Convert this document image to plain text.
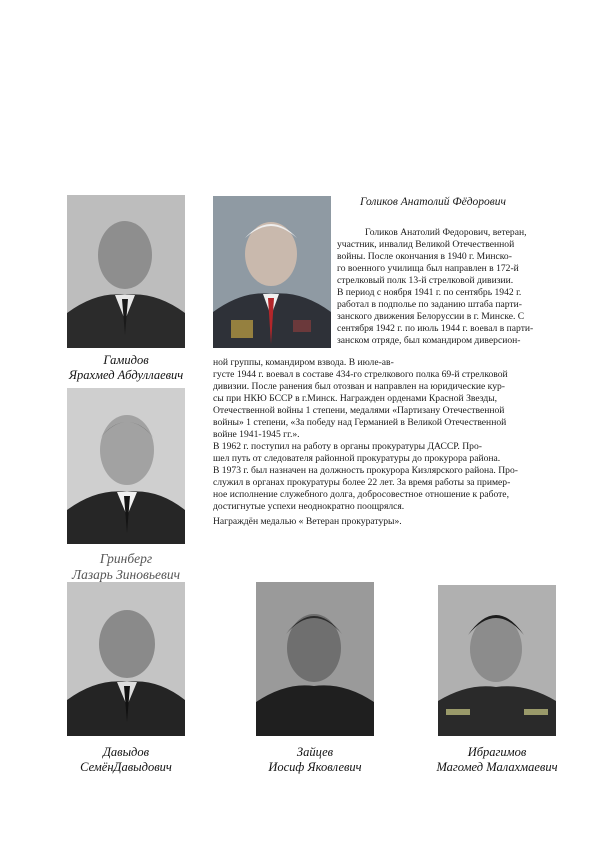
Гамидов
Ярахмед Абдуллаевич
Гринберг
Лазарь Зиновьевич
Давыдов
СемёнДавыдович
Зайцев
Иосиф Яковлевич
Ибрагимов
Магомед Малахмаевич
Голиков Анатолий Фёдорович
Голиков Анатолий Федорович, ветеран,
участник, инвалид Великой Отечественной
войны. После окончания в 1940 г. Минско-
го военного училища был направлен в 172-й
стрелковый полк 13-й стрелковой дивизии.
В период с ноября 1941 г. по сентябрь 1942 г.
работал в подполье по заданию штаба парти-
занского движения Белоруссии в г. Минске. С
сентября 1942 г. по июль 1944 г. воевал в парти-
занском отряде, был командиром диверсион-
ной группы, командиром взвода. В июле-ав-
густе 1944 г. воевал в составе 434-го стрелкового полка 69-й стрелковой
дивизии. После ранения был отозван и направлен на юридические кур-
сы при НКЮ БССР в г.Минск. Награжден орденами Красной Звезды,
Отечественной войны 1 степени, медалями «Партизану Отечественной
войны» 1 степени, «За победу над Германией в Великой Отечественной
войне 1941-1945 гг.».
В 1962 г. поступил на работу в органы прокуратуры ДАССР. Про-
шел путь от следователя районной прокуратуры до прокурора района.
В 1973 г. был назначен на должность прокурора Кизлярского района. Про-
служил в органах прокуратуры более 22 лет. За время работы за пример-
ное исполнение служебного долга, добросовестное отношение к работе,
достигнутые успехи неоднократно поощрялся.
Награждён медалью « Ветеран прокуратуры».
